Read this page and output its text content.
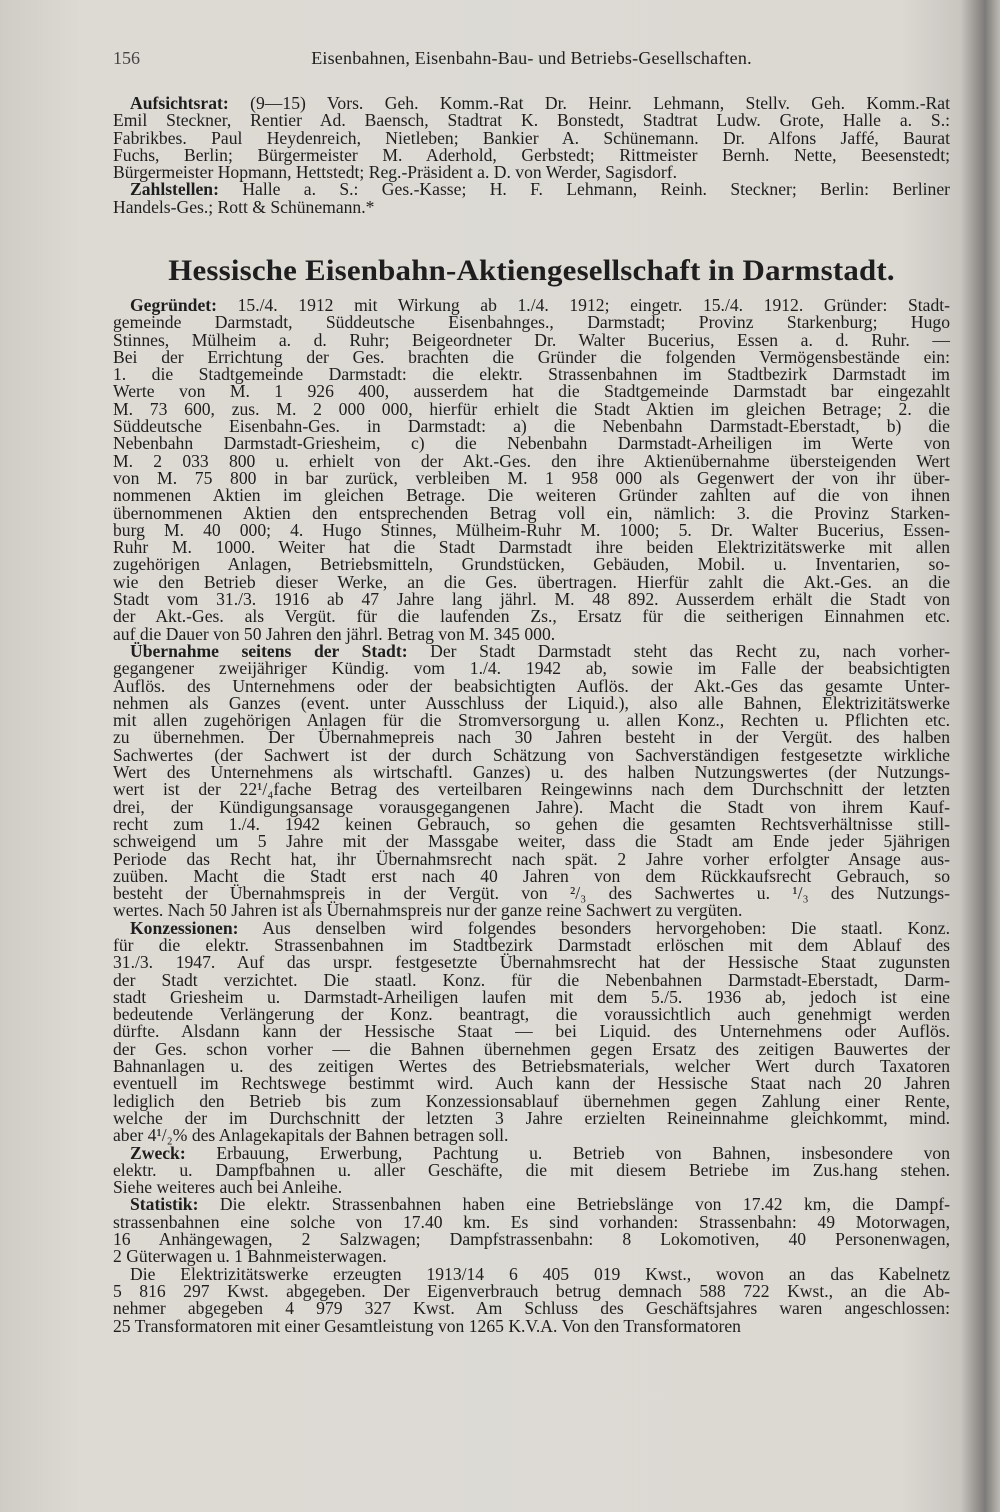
156	Eisenbahnen, Eisenbahn-Bau- und Betriebs-Gesellschaften.
Aufsichtsrat: (9—15) Vors. Geh. Komm.-Rat Dr. Heinr. Lehmann, Stellv. Geh. Komm.-Rat
Emil Steckner, Rentier Ad. Baensch, Stadtrat K. Bonstedt, Stadtrat Ludw. Grote, Halle a. S.:
Fabrikbes. Paul Heydenreich, Nietleben; Bankier A. Schünemann. Dr. Alfons Jaffé, Baurat
Fuchs, Berlin; Bürgermeister M. Aderhold, Gerbstedt; Rittmeister Bernh. Nette, Beesenstedt;
Bürgermeister Hopmann, Hettstedt; Reg.-Präsident a. D. von Werder, Sagisdorf.
Zahlstellen: Halle a. S.: Ges.-Kasse; H. F. Lehmann, Reinh. Steckner; Berlin: Berliner
Handels-Ges.; Rott & Schünemann.*
Hessische Eisenbahn-Aktiengesellschaft in Darmstadt.
Gegründet: 15./4. 1912 mit Wirkung ab 1./4. 1912; eingetr. 15./4. 1912. Gründer: Stadt-
gemeinde Darmstadt, Süddeutsche Eisenbahnges., Darmstadt; Provinz Starkenburg; Hugo
Stinnes, Mülheim a. d. Ruhr; Beigeordneter Dr. Walter Bucerius, Essen a. d. Ruhr. —
Bei der Errichtung der Ges. brachten die Gründer die folgenden Vermögensbestände ein:
1. die Stadtgemeinde Darmstadt: die elektr. Strassenbahnen im Stadtbezirk Darmstadt im
Werte von M. 1 926 400, ausserdem hat die Stadtgemeinde Darmstadt bar eingezahlt
M. 73 600, zus. M. 2 000 000, hierfür erhielt die Stadt Aktien im gleichen Betrage; 2. die
Süddeutsche Eisenbahn-Ges. in Darmstadt: a) die Nebenbahn Darmstadt-Eberstadt, b) die
Nebenbahn Darmstadt-Griesheim, c) die Nebenbahn Darmstadt-Arheiligen im Werte von
M. 2 033 800 u. erhielt von der Akt.-Ges. den ihre Aktienübernahme übersteigenden Wert
von M. 75 800 in bar zurück, verbleiben M. 1 958 000 als Gegenwert der von ihr über-
nommenen Aktien im gleichen Betrage. Die weiteren Gründer zahlten auf die von ihnen
übernommenen Aktien den entsprechenden Betrag voll ein, nämlich: 3. die Provinz Starken-
burg M. 40 000; 4. Hugo Stinnes, Mülheim-Ruhr M. 1000; 5. Dr. Walter Bucerius, Essen-
Ruhr M. 1000. Weiter hat die Stadt Darmstadt ihre beiden Elektrizitätswerke mit allen
zugehörigen Anlagen, Betriebsmitteln, Grundstücken, Gebäuden, Mobil. u. Inventarien, so-
wie den Betrieb dieser Werke, an die Ges. übertragen. Hierfür zahlt die Akt.-Ges. an die
Stadt vom 31./3. 1916 ab 47 Jahre lang jährl. M. 48 892. Ausserdem erhält die Stadt von
der Akt.-Ges. als Vergüt. für die laufenden Zs., Ersatz für die seitherigen Einnahmen etc.
auf die Dauer von 50 Jahren den jährl. Betrag von M. 345 000.
Übernahme seitens der Stadt: Der Stadt Darmstadt steht das Recht zu, nach vorher-
gegangener zweijähriger Kündig. vom 1./4. 1942 ab, sowie im Falle der beabsichtigten
Auflös. des Unternehmens oder der beabsichtigten Auflös. der Akt.-Ges das gesamte Unter-
nehmen als Ganzes (event. unter Ausschluss der Liquid.), also alle Bahnen, Elektrizitätswerke
mit allen zugehörigen Anlagen für die Stromversorgung u. allen Konz., Rechten u. Pflichten etc.
zu übernehmen. Der Übernahmepreis nach 30 Jahren besteht in der Vergüt. des halben
Sachwertes (der Sachwert ist der durch Schätzung von Sachverständigen festgesetzte wirkliche
Wert des Unternehmens als wirtschaftl. Ganzes) u. des halben Nutzungswertes (der Nutzungs-
wert ist der 22¹/₄fache Betrag des verteilbaren Reingewinns nach dem Durchschnitt der letzten
drei, der Kündigungsansage vorausgegangenen Jahre). Macht die Stadt von ihrem Kauf-
recht zum 1./4. 1942 keinen Gebrauch, so gehen die gesamten Rechtsverhältnisse still-
schweigend um 5 Jahre mit der Massgabe weiter, dass die Stadt am Ende jeder 5jährigen
Periode das Recht hat, ihr Übernahmsrecht nach spät. 2 Jahre vorher erfolgter Ansage aus-
zuüben. Macht die Stadt erst nach 40 Jahren von dem Rückkaufsrecht Gebrauch, so
besteht der Übernahmspreis in der Vergüt. von ²/₃ des Sachwertes u. ¹/₃ des Nutzungs-
wertes. Nach 50 Jahren ist als Übernahmspreis nur der ganze reine Sachwert zu vergüten.
Konzessionen: Aus denselben wird folgendes besonders hervorgehoben: Die staatl. Konz.
für die elektr. Strassenbahnen im Stadtbezirk Darmstadt erlöschen mit dem Ablauf des
31./3. 1947. Auf das urspr. festgesetzte Übernahmsrecht hat der Hessische Staat zugunsten
der Stadt verzichtet. Die staatl. Konz. für die Nebenbahnen Darmstadt-Eberstadt, Darm-
stadt Griesheim u. Darmstadt-Arheiligen laufen mit dem 5./5. 1936 ab, jedoch ist eine
bedeutende Verlängerung der Konz. beantragt, die voraussichtlich auch genehmigt werden
dürfte. Alsdann kann der Hessische Staat — bei Liquid. des Unternehmens oder Auflös.
der Ges. schon vorher — die Bahnen übernehmen gegen Ersatz des zeitigen Bauwertes der
Bahnanlagen u. des zeitigen Wertes des Betriebsmaterials, welcher Wert durch Taxatoren
eventuell im Rechtswege bestimmt wird. Auch kann der Hessische Staat nach 20 Jahren
lediglich den Betrieb bis zum Konzessionsablauf übernehmen gegen Zahlung einer Rente,
welche der im Durchschnitt der letzten 3 Jahre erzielten Reineinnahme gleichkommt, mind.
aber 4¹/₂% des Anlagekapitals der Bahnen betragen soll.
Zweck: Erbauung, Erwerbung, Pachtung u. Betrieb von Bahnen, insbesondere von
elektr. u. Dampfbahnen u. aller Geschäfte, die mit diesem Betriebe im Zus.hang stehen.
Siehe weiteres auch bei Anleihe.
Statistik: Die elektr. Strassenbahnen haben eine Betriebslänge von 17.42 km, die Dampf-
strassenbahnen eine solche von 17.40 km. Es sind vorhanden: Strassenbahn: 49 Motorwagen,
16 Anhängewagen, 2 Salzwagen; Dampfstrassenbahn: 8 Lokomotiven, 40 Personenwagen,
2 Güterwagen u. 1 Bahnmeisterwagen.
Die Elektrizitätswerke erzeugten 1913/14 6 405 019 Kwst., wovon an das Kabelnetz
5 816 297 Kwst. abgegeben. Der Eigenverbrauch betrug demnach 588 722 Kwst., an die Ab-
nehmer abgegeben 4 979 327 Kwst. Am Schluss des Geschäftsjahres waren angeschlossen:
25 Transformatoren mit einer Gesamtleistung von 1265 K.V.A. Von den Transformatoren
